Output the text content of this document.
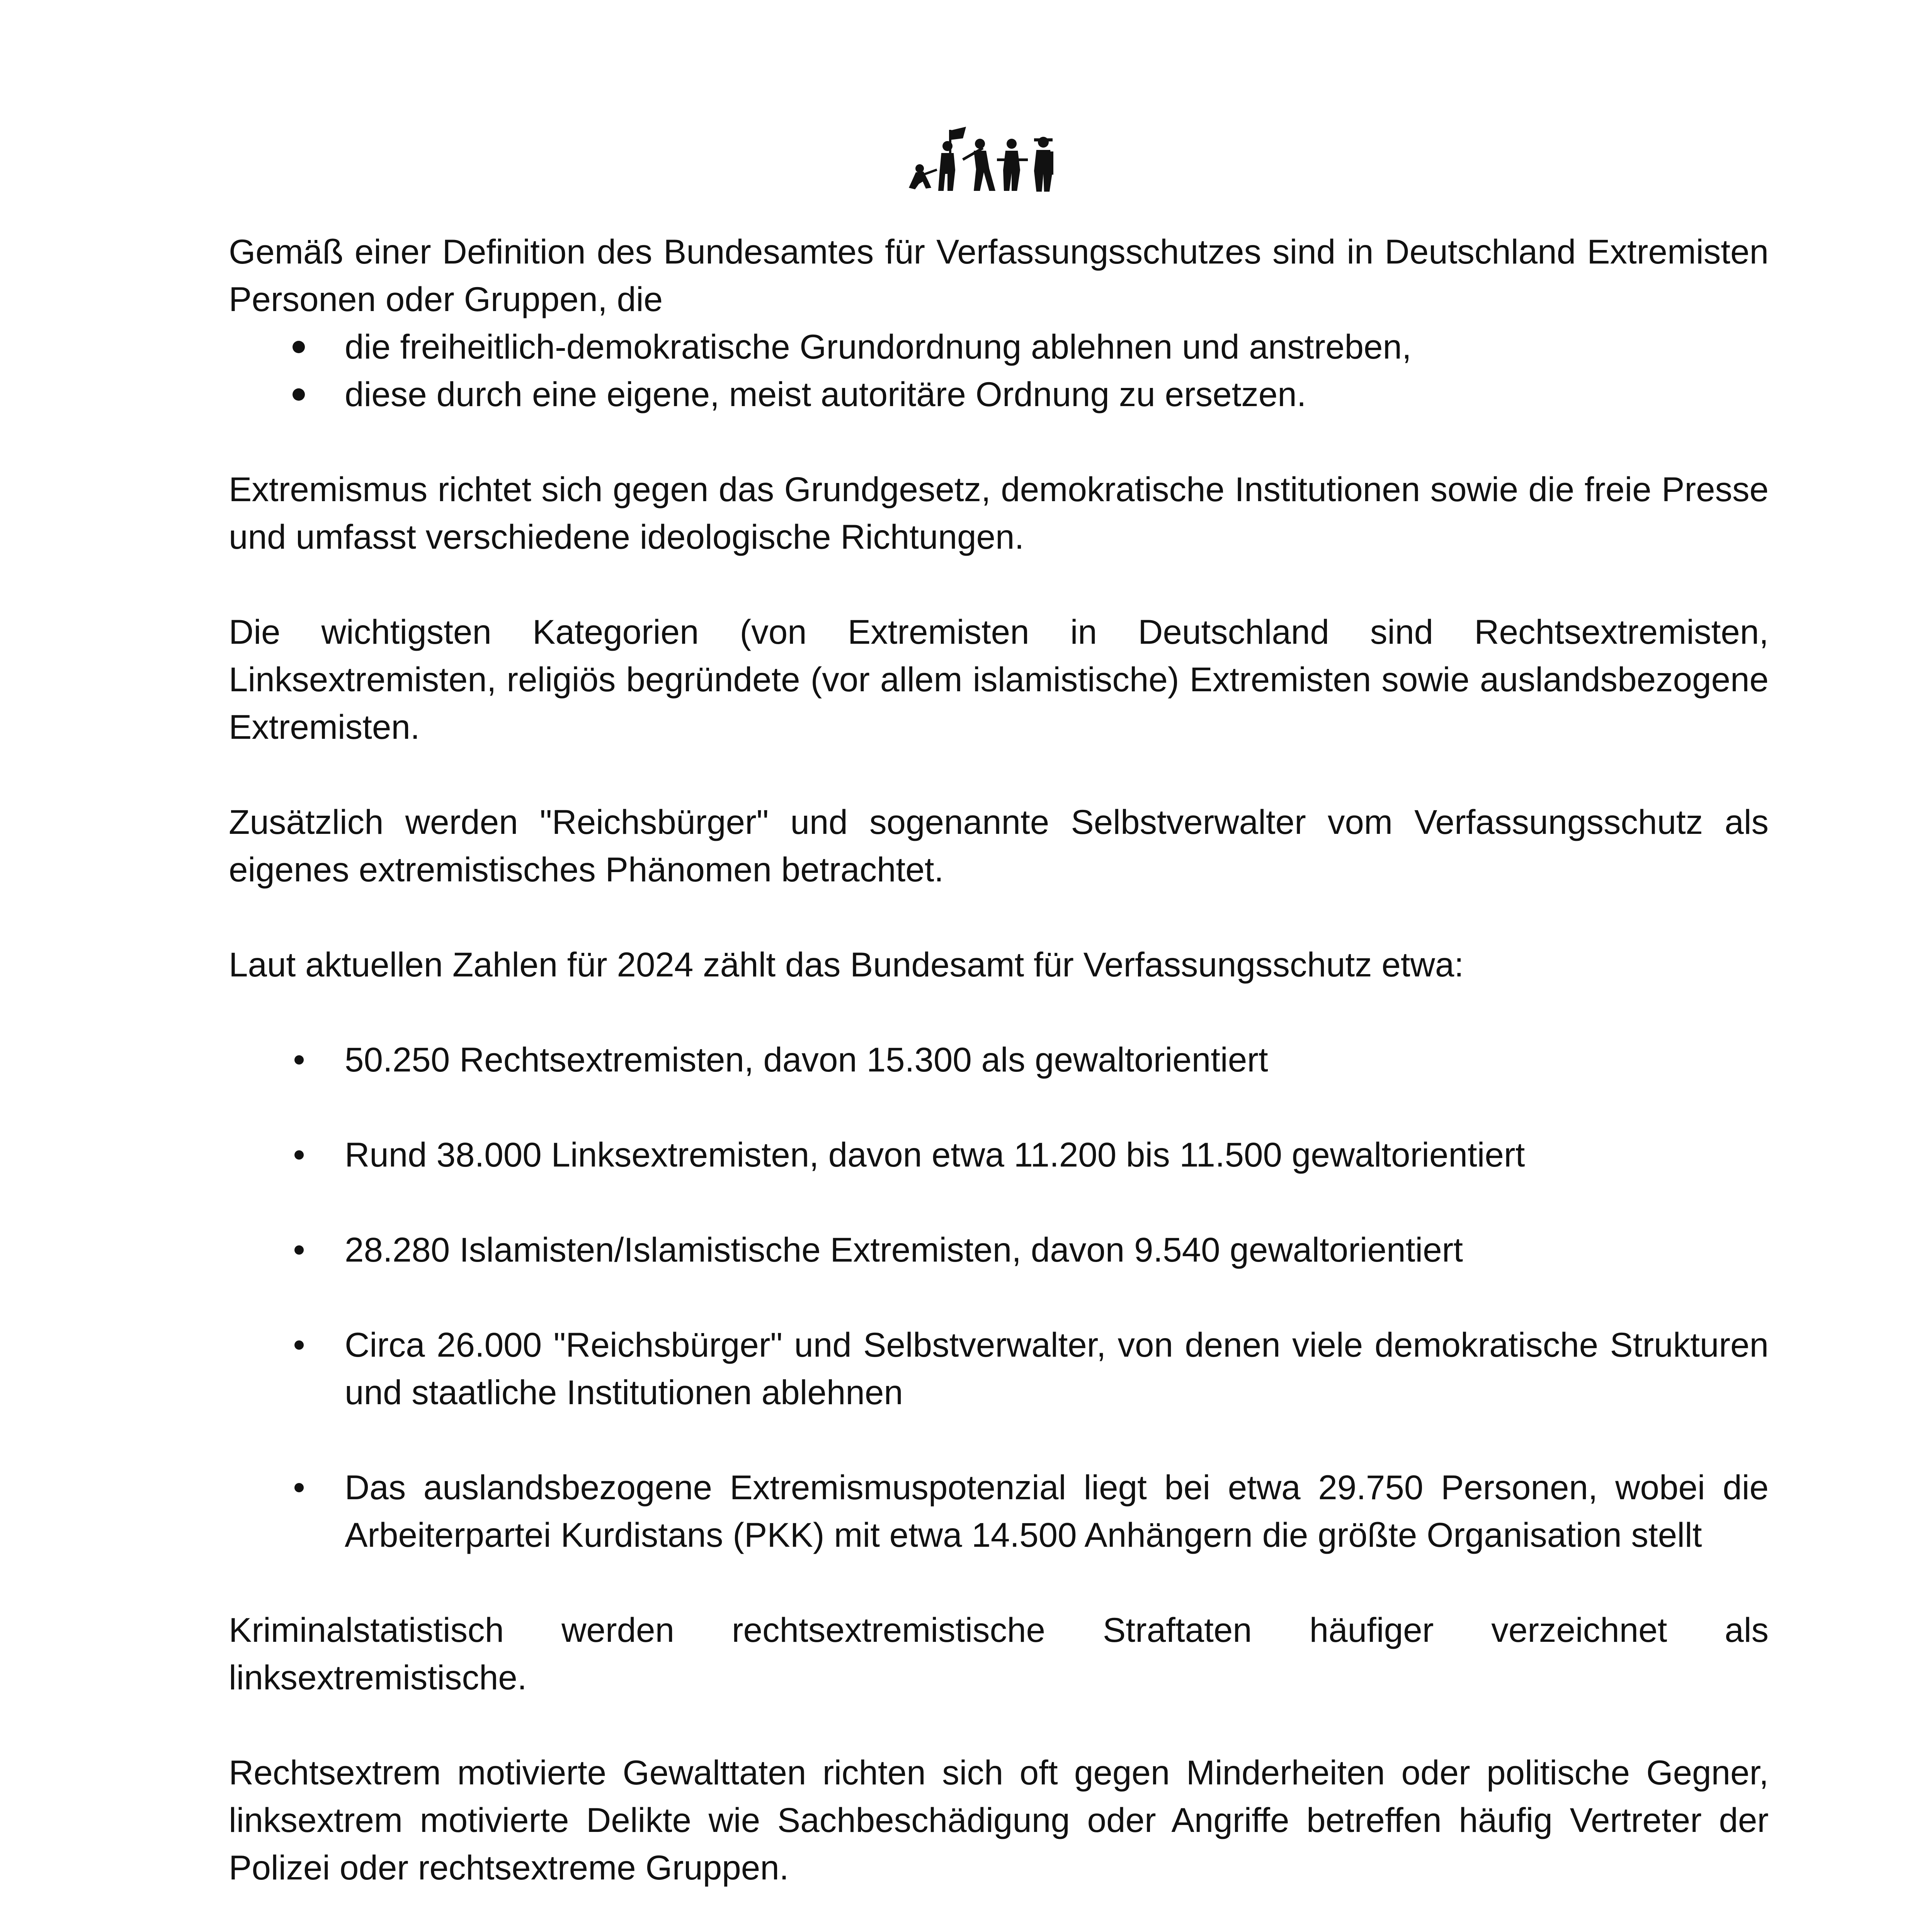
Gemäß einer Definition des Bundesamtes für Verfassungsschutzes sind in Deutschland Extremisten Personen oder Gruppen, die

die freiheitlich-demokratische Grundordnung ablehnen und anstreben,
diese durch eine eigene, meist autoritäre Ordnung zu ersetzen.

Extremismus richtet sich gegen das Grundgesetz, demokratische Institutionen sowie die freie Presse und umfasst verschiedene ideologische Richtungen.

Die wichtigsten Kategorien (von Extremisten in Deutschland sind Rechtsextremisten, Linksextremisten, religiös begründete (vor allem islamistische) Extremisten sowie auslandsbezogene Extremisten.

Zusätzlich werden "Reichsbürger" und sogenannte Selbstverwalter vom Verfassungsschutz als eigenes extremistisches Phänomen betrachtet.

Laut aktuellen Zahlen für 2024 zählt das Bundesamt für Verfassungsschutz etwa:

50.250 Rechtsextremisten, davon 15.300 als gewaltorientiert
Rund 38.000 Linksextremisten, davon etwa 11.200 bis 11.500 gewaltorientiert
28.280 Islamisten/Islamistische Extremisten, davon 9.540 gewaltorientiert
Circa 26.000 "Reichsbürger" und Selbstverwalter, von denen viele demokratische Strukturen und staatliche Institutionen ablehnen
Das auslandsbezogene Extremismuspotenzial liegt bei etwa 29.750 Personen, wobei die Arbeiterpartei Kurdistans (PKK) mit etwa 14.500 Anhängern die größte Organisation stellt

Kriminalstatistisch werden rechtsextremistische Straftaten häufiger verzeichnet als linksextremistische.

Rechtsextrem motivierte Gewalttaten richten sich oft gegen Minderheiten oder politische Gegner, linksextrem motivierte Delikte wie Sachbeschädigung oder Angriffe betreffen häufig Vertreter der Polizei oder rechtsextreme Gruppen.
